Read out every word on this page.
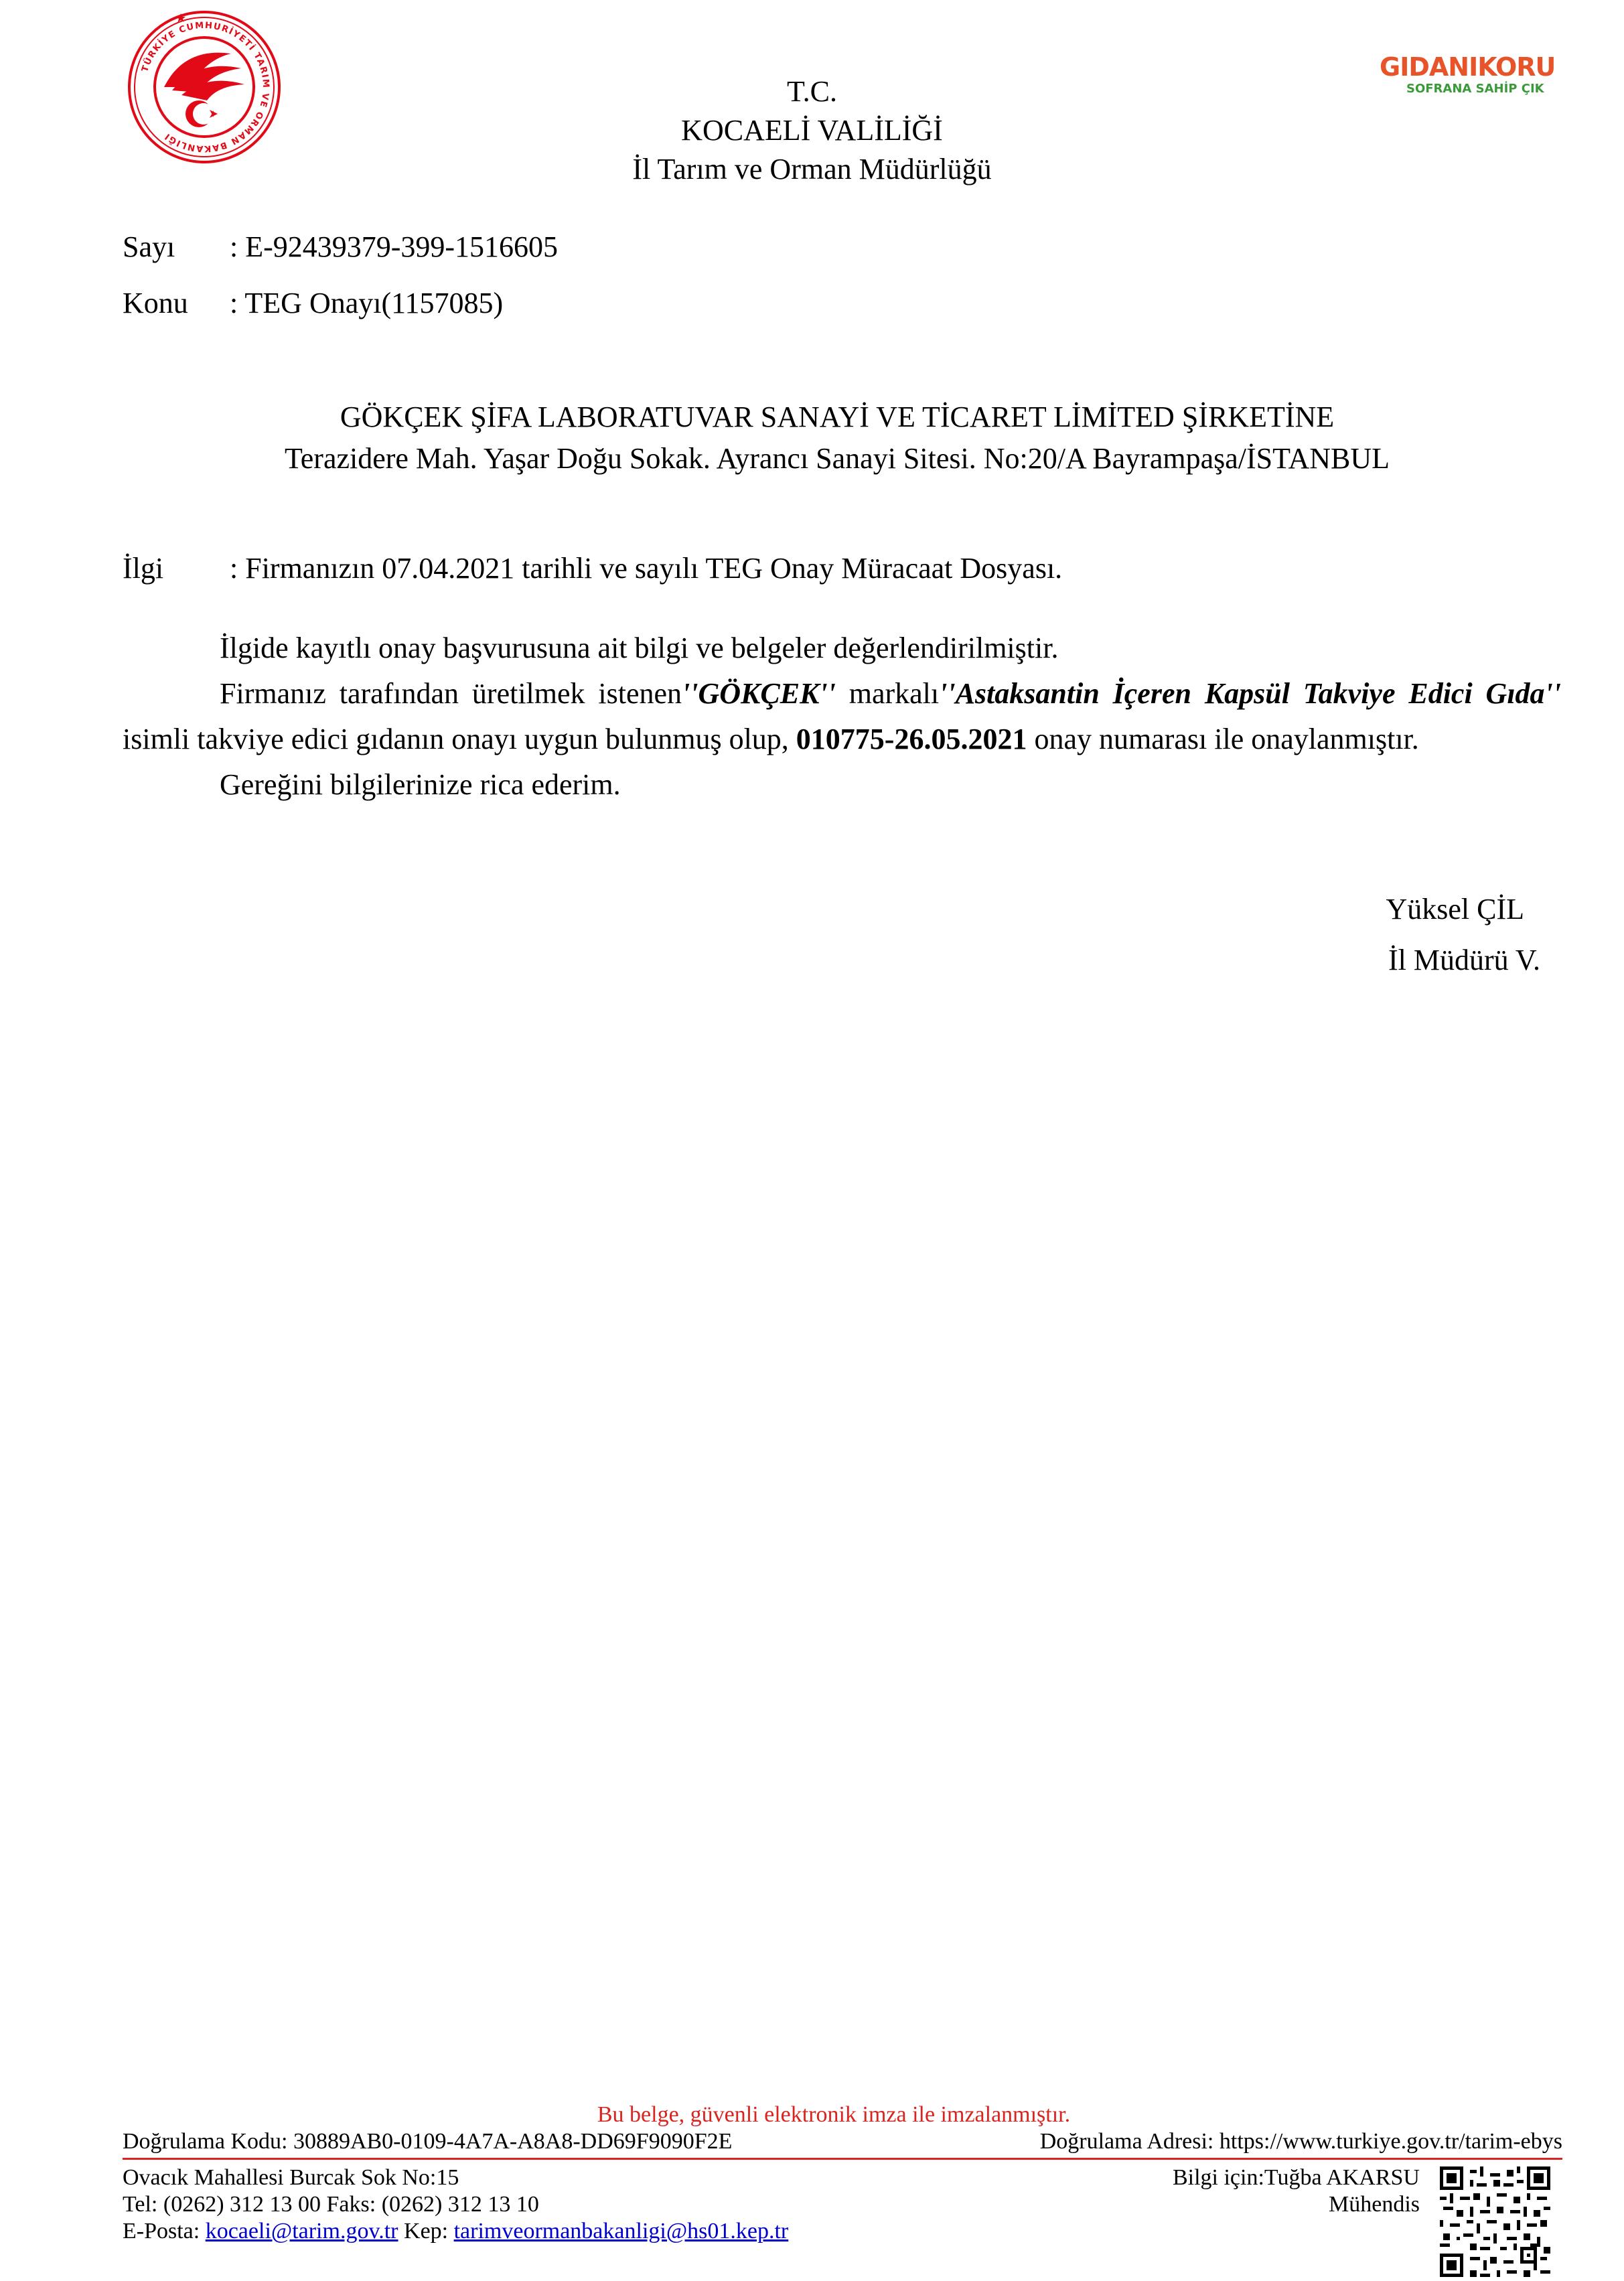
TÜRKİYE CUMHURİYETİ TARIM VE ORMAN BAKANLIĞI
GIDANIKORU
SOFRANA SAHİP ÇIK
T.C.
KOCAELİ VALİLİĞİ
İl Tarım ve Orman Müdürlüğü
Sayı : E-92439379-399-1516605
Konu : TEG Onayı(1157085)
GÖKÇEK ŞİFA LABORATUVAR SANAYİ VE TİCARET LİMİTED ŞİRKETİNE
Terazidere Mah. Yaşar Doğu Sokak. Ayrancı Sanayi Sitesi. No:20/A Bayrampaşa/İSTANBUL
İlgi : Firmanızın 07.04.2021 tarihli ve sayılı TEG Onay Müracaat Dosyası.
İlgide kayıtlı onay başvurusuna ait bilgi ve belgeler değerlendirilmiştir.
Firmanız tarafından üretilmek istenen''GÖKÇEK'' markalı''Astaksantin İçeren Kapsül Takviye Edici Gıda'' isimli takviye edici gıdanın onayı uygun bulunmuş olup, 010775-26.05.2021 onay numarası ile onaylanmıştır.
Gereğini bilgilerinize rica ederim.
Yüksel ÇİL
İl Müdürü V.
Bu belge, güvenli elektronik imza ile imzalanmıştır.
Doğrulama Kodu: 30889AB0-0109-4A7A-A8A8-DD69F9090F2E	Doğrulama Adresi: https://www.turkiye.gov.tr/tarim-ebys
Ovacık Mahallesi Burcak Sok No:15
Tel: (0262) 312 13 00 Faks: (0262) 312 13 10
E-Posta: kocaeli@tarim.gov.tr Kep: tarimveormanbakanligi@hs01.kep.tr
Bilgi için:Tuğba AKARSU
Mühendis
